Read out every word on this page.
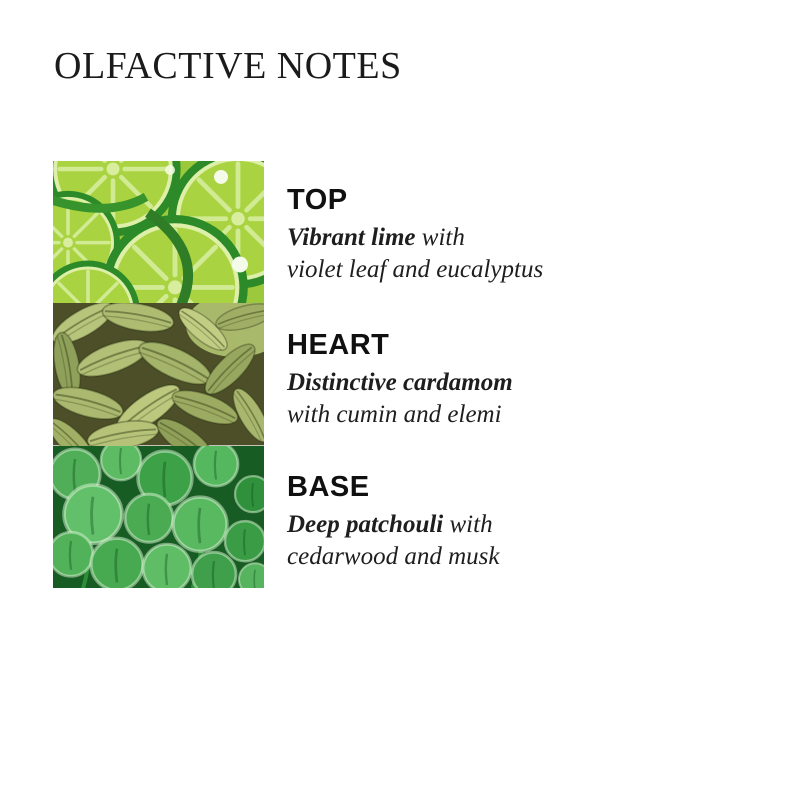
OLFACTIVE NOTES
TOP

Vibrant lime with

violet leaf and eucalyptus

HEART

Distinctive cardamom

with cumin and elemi

BASE

Deep patchouli with

cedarwood and musk
